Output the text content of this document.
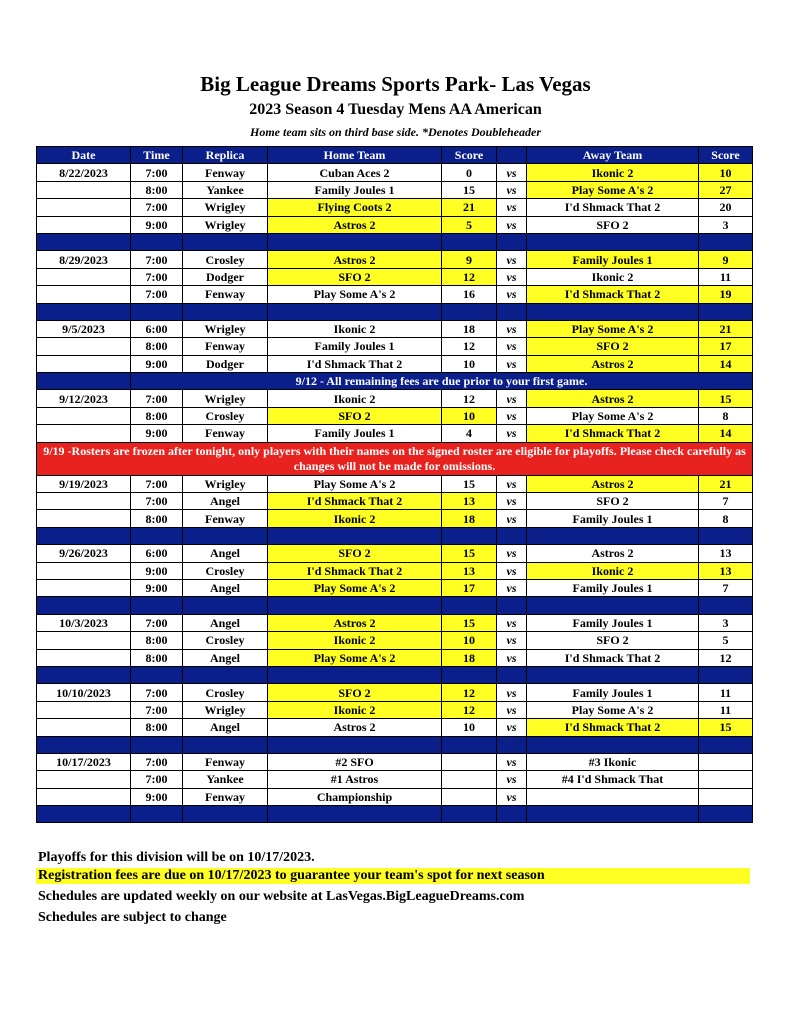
Big League Dreams Sports Park- Las Vegas
2023 Season 4 Tuesday Mens AA American
Home team sits on third base side. *Denotes Doubleheader
Date	Time	Replica	Home Team	Score		Away Team	Score
8/22/2023	7:00	Fenway	Cuban Aces 2	0	vs	Ikonic 2	10
	8:00	Yankee	Family Joules 1	15	vs	Play Some A's 2	27
	7:00	Wrigley	Flying Coots 2	21	vs	I'd Shmack That 2	20
	9:00	Wrigley	Astros 2	5	vs	SFO 2	3

8/29/2023	7:00	Crosley	Astros 2	9	vs	Family Joules 1	9
	7:00	Dodger	SFO 2	12	vs	Ikonic 2	11
	7:00	Fenway	Play Some A's 2	16	vs	I'd Shmack That 2	19

9/5/2023	6:00	Wrigley	Ikonic 2	18	vs	Play Some A's 2	21
	8:00	Fenway	Family Joules 1	12	vs	SFO 2	17
	9:00	Dodger	I'd Shmack That 2	10	vs	Astros 2	14
	9/12 - All remaining fees are due prior to your first game.						
9/12/2023	7:00	Wrigley	Ikonic 2	12	vs	Astros 2	15
	8:00	Crosley	SFO 2	10	vs	Play Some A's 2	8
	9:00	Fenway	Family Joules 1	4	vs	I'd Shmack That 2	14
9/19 -Rosters are frozen after tonight, only players with their names on the signed roster are eligible for playoffs. Please check carefully as changes will not be made for omissions.							
9/19/2023	7:00	Wrigley	Play Some A's 2	15	vs	Astros 2	21
	7:00	Angel	I'd Shmack That 2	13	vs	SFO 2	7
	8:00	Fenway	Ikonic 2	18	vs	Family Joules 1	8

9/26/2023	6:00	Angel	SFO 2	15	vs	Astros 2	13
	9:00	Crosley	I'd Shmack That 2	13	vs	Ikonic 2	13
	9:00	Angel	Play Some A's 2	17	vs	Family Joules 1	7

10/3/2023	7:00	Angel	Astros 2	15	vs	Family Joules 1	3
	8:00	Crosley	Ikonic 2	10	vs	SFO 2	5
	8:00	Angel	Play Some A's 2	18	vs	I'd Shmack That 2	12

10/10/2023	7:00	Crosley	SFO 2	12	vs	Family Joules 1	11
	7:00	Wrigley	Ikonic 2	12	vs	Play Some A's 2	11
	8:00	Angel	Astros 2	10	vs	I'd Shmack That 2	15

10/17/2023	7:00	Fenway	#2 SFO		vs	#3 Ikonic	
	7:00	Yankee	#1 Astros		vs	#4 I'd Shmack That	
	9:00	Fenway	Championship		vs		

Playoffs for this division will be on 10/17/2023.
Registration fees are due on 10/17/2023 to guarantee your team's spot for next season
Schedules are updated weekly on our website at LasVegas.BigLeagueDreams.com
Schedules are subject to change
